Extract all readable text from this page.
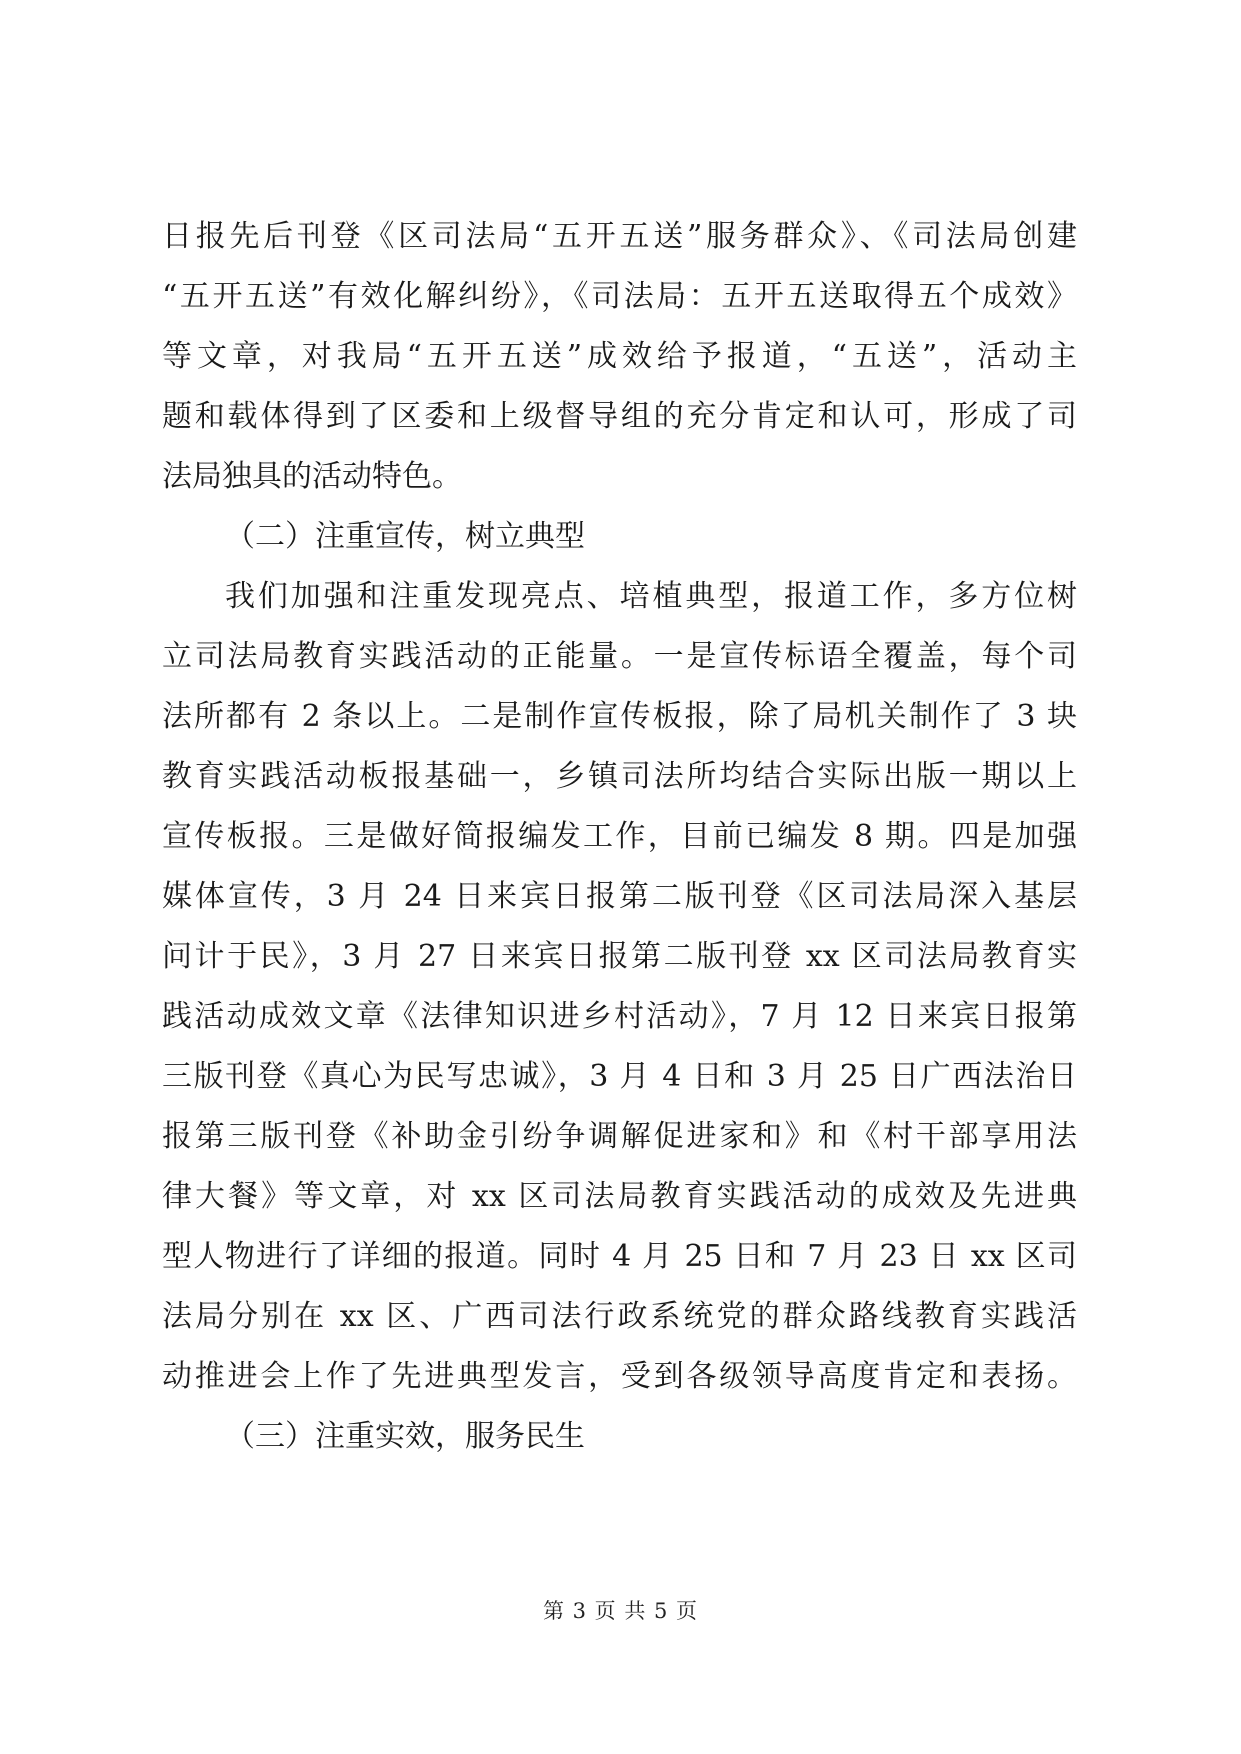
日报先后刊登《区司法局“五开五送”服务群众》、《司法局创建
“五开五送”有效化解纠纷》，《司法局：五开五送取得五个成效》
等文章，对我局“五开五送”成效给予报道，“五送”，活动主
题和载体得到了区委和上级督导组的充分肯定和认可，形成了司
法局独具的活动特色。
（二）注重宣传，树立典型
我们加强和注重发现亮点、培植典型，报道工作，多方位树
立司法局教育实践活动的正能量。一是宣传标语全覆盖，每个司
法所都有 2 条以上。二是制作宣传板报，除了局机关制作了 3 块
教育实践活动板报基础一，乡镇司法所均结合实际出版一期以上
宣传板报。三是做好简报编发工作，目前已编发 8 期。四是加强
媒体宣传，3 月 24 日来宾日报第二版刊登《区司法局深入基层
问计于民》，3 月 27 日来宾日报第二版刊登 xx 区司法局教育实
践活动成效文章《法律知识进乡村活动》，7 月 12 日来宾日报第
三版刊登《真心为民写忠诚》，3 月 4 日和 3 月 25 日广西法治日
报第三版刊登《补助金引纷争调解促进家和》和《村干部享用法
律大餐》等文章，对 xx 区司法局教育实践活动的成效及先进典
型人物进行了详细的报道。同时 4 月 25 日和 7 月 23 日 xx 区司
法局分别在 xx 区、广西司法行政系统党的群众路线教育实践活
动推进会上作了先进典型发言，受到各级领导高度肯定和表扬。
（三）注重实效，服务民生
第 3 页 共 5 页
